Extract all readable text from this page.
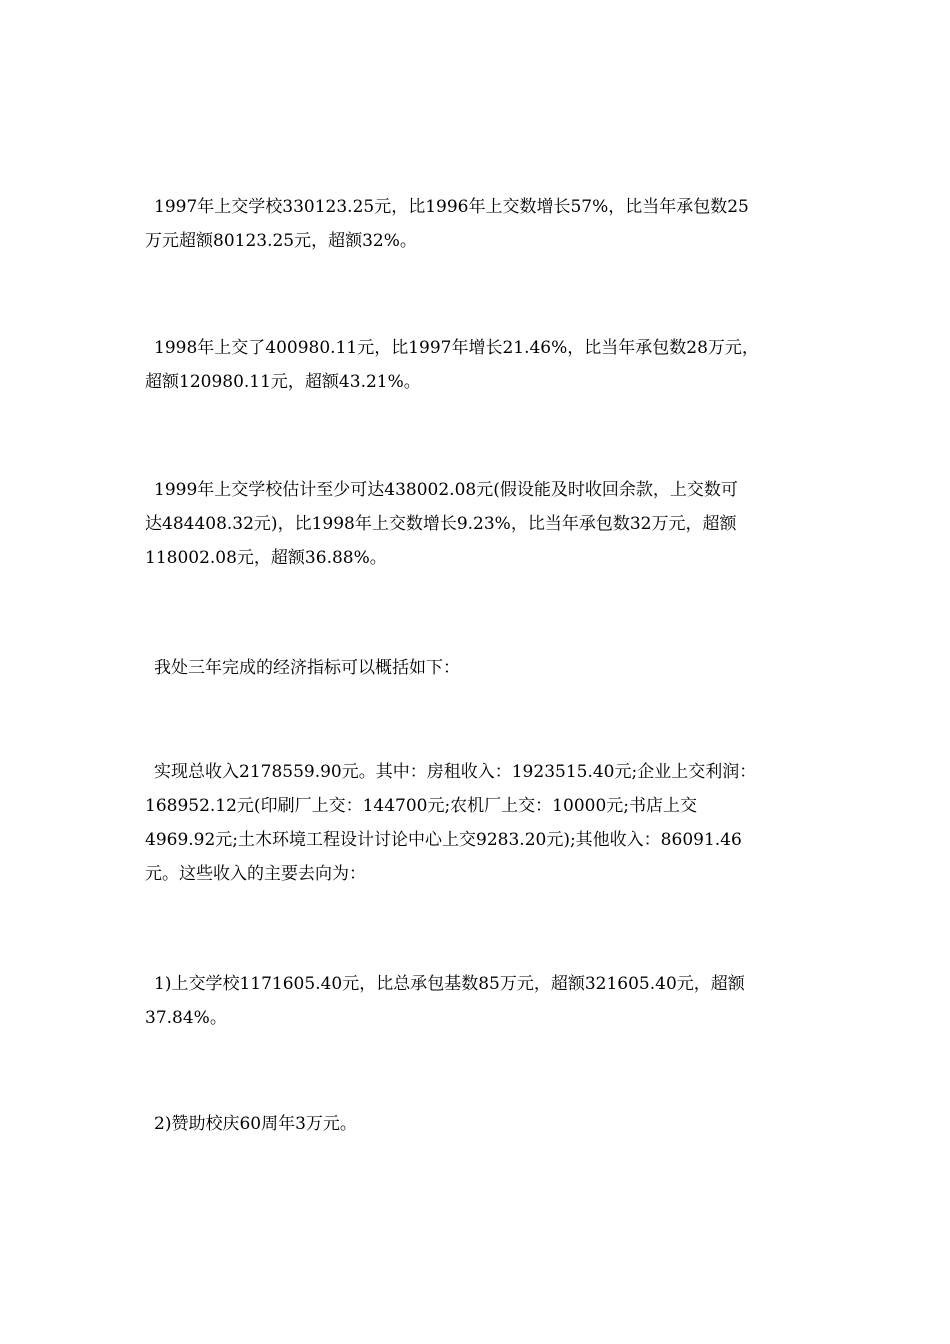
1997年上交学校330123.25元，比1996年上交数增长57%，比当年承包数25
万元超额80123.25元，超额32%。

1998年上交了400980.11元，比1997年增长21.46%，比当年承包数28万元，
超额120980.11元，超额43.21%。

1999年上交学校估计至少可达438002.08元(假设能及时收回余款，上交数可
达484408.32元)，比1998年上交数增长9.23%，比当年承包数32万元，超额
118002.08元，超额36.88%。

我处三年完成的经济指标可以概括如下：

实现总收入2178559.90元。其中：房租收入：1923515.40元;企业上交利润：
168952.12元(印刷厂上交：144700元;农机厂上交：10000元;书店上交
4969.92元;土木环境工程设计讨论中心上交9283.20元);其他收入：86091.46
元。这些收入的主要去向为：

1)上交学校1171605.40元，比总承包基数85万元，超额321605.40元，超额
37.84%。

2)赞助校庆60周年3万元。
